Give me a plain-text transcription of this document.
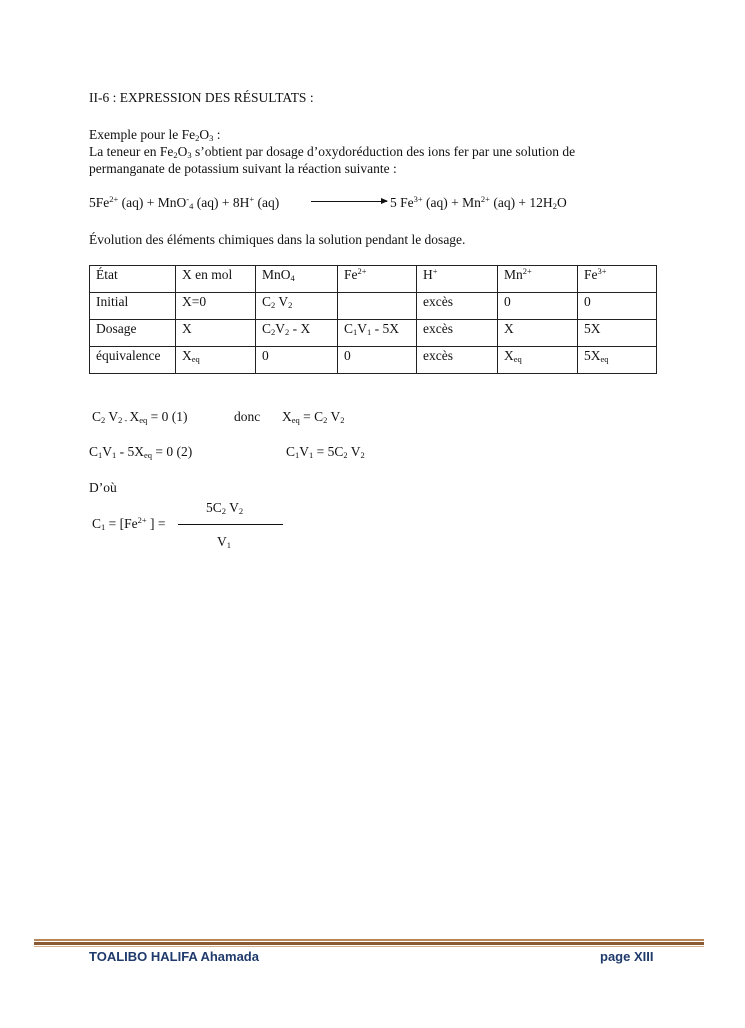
II-6 : EXPRESSION DES RÉSULTATS :
Exemple pour le $Fe_2O_3$ :
La teneur en $Fe_2O_3$ s’obtient par dosage d’oxydoréduction des ions fer par une solution de
permanganate de potassium suivant la réaction suivante :
$5Fe^{2+}$ (aq) + MnO-$_4$ (aq) + 8H+ (aq)	5 $Fe^{3+}$ $(aq) + Mn^{2+}$ $(aq) + 12H_2O$
Évolution des éléments chimiques dans la solution pendant le dosage.
État	X en mol	MnO$_4$	$Fe^{2+}$	H+	$Mn^{2+}$	$Fe^{3+}$
Initial	X=0	$C_2$ $V_2$		excès	0	0
Dosage	X	$C_2V_2$ - X	$C_1V_1 - 5X$	excès	X	5X
équivalence	$X_{eq}$	0	0	excès	$X_{eq}$	$5X_{eq}$
$C_2$ $V_2$ $_-$ $X_{eq} = 0$ (1)	donc $X_{eq} = C_2$ $V_2$
$C_1V_1 - 5X_{eq} = 0$ (2)	$C_1V_1 = 5C_2$ $V_2$
D’où
$5C_2$ $V_2$
$C_1 = [Fe^{2+}$ ] =
$V_1$
TOALIBO HALIFA Ahamada	page XIII
